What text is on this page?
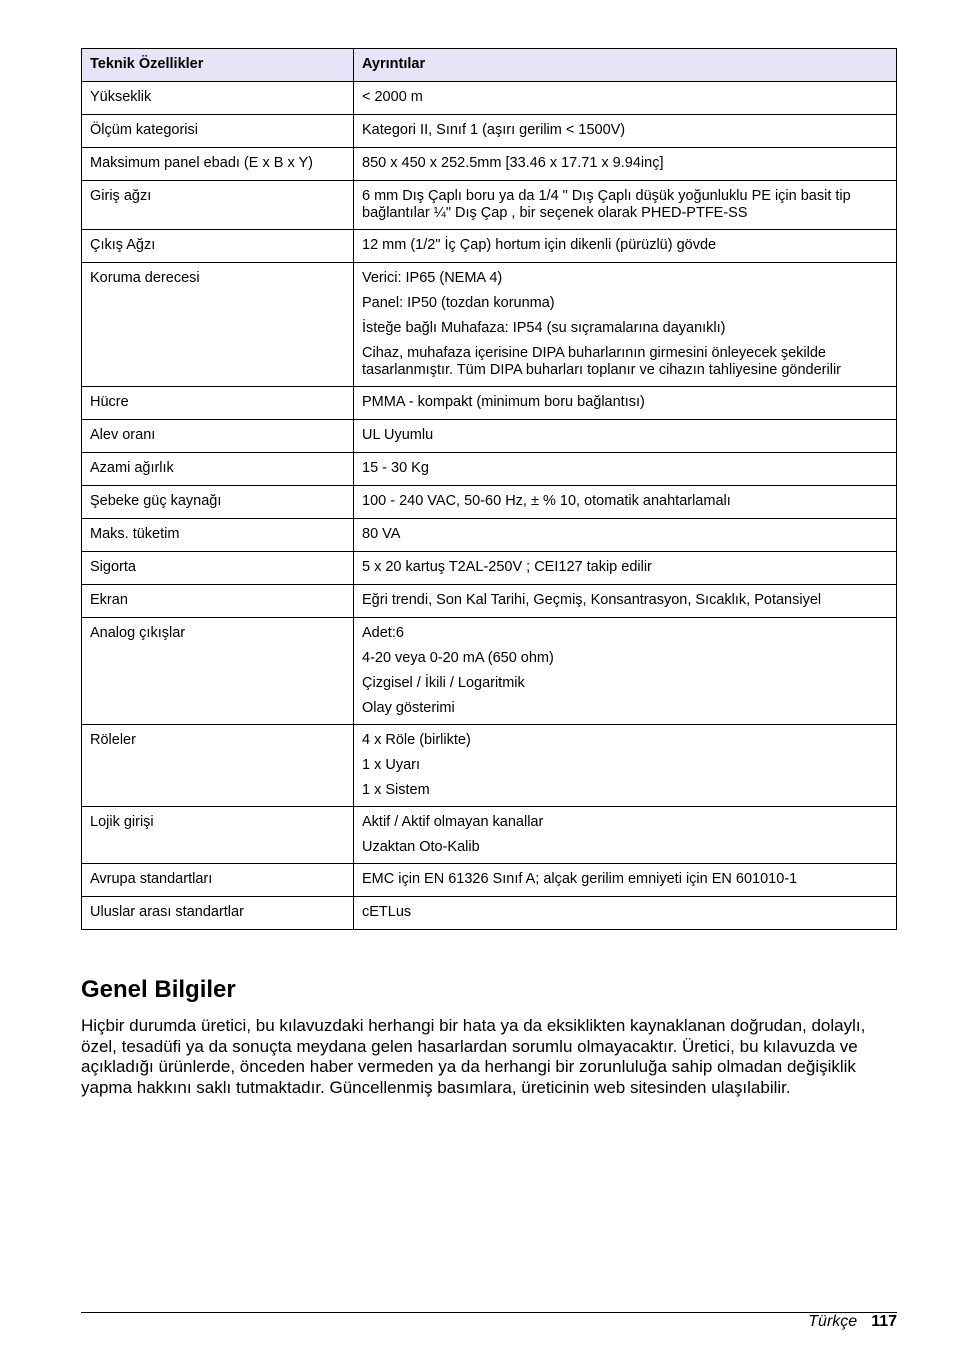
Teknik Özellikler	Ayrıntılar
Yükseklik	< 2000 m

Ölçüm kategorisi	Kategori II, Sınıf 1 (aşırı gerilim < 1500V)

Maksimum panel ebadı (E x B x Y)	850 x 450 x 252.5mm [33.46 x 17.71 x 9.94inç]

Giriş ağzı	6 mm Dış Çaplı boru ya da 1/4 " Dış Çaplı düşük yoğunluklu PE için basit tip bağlantılar ¼" Dış Çap , bir seçenek olarak PHED-PTFE-SS

Çıkış Ağzı	12 mm (1/2" İç Çap) hortum için dikenli (pürüzlü) gövde

Koruma derecesi	Verici: IP65 (NEMA 4)
Panel: IP50 (tozdan korunma)
İsteğe bağlı Muhafaza: IP54 (su sıçramalarına dayanıklı)
Cihaz, muhafaza içerisine DIPA buharlarının girmesini önleyecek şekilde tasarlanmıştır. Tüm DIPA buharları toplanır ve cihazın tahliyesine gönderilir

Hücre	PMMA - kompakt (minimum boru bağlantısı)

Alev oranı	UL Uyumlu

Azami ağırlık	15 - 30 Kg

Şebeke güç kaynağı	100 - 240 VAC, 50-60 Hz, ± % 10, otomatik anahtarlamalı

Maks. tüketim	80 VA

Sigorta	5 x 20 kartuş T2AL-250V ; CEI127 takip edilir

Ekran	Eğri trendi, Son Kal Tarihi, Geçmiş, Konsantrasyon, Sıcaklık, Potansiyel

Analog çıkışlar	Adet:6
4-20 veya 0-20 mA (650 ohm)
Çizgisel / İkili / Logaritmik
Olay gösterimi

Röleler	4 x Röle (birlikte)
1 x Uyarı
1 x Sistem

Lojik girişi	Aktif / Aktif olmayan kanallar
Uzaktan Oto-Kalib

Avrupa standartları	EMC için EN 61326 Sınıf A; alçak gerilim emniyeti için EN 601010-1

Uluslar arası standartlar	cETLus
Genel Bilgiler

Hiçbir durumda üretici, bu kılavuzdaki herhangi bir hata ya da eksiklikten kaynaklanan doğrudan, dolaylı, özel, tesadüfi ya da sonuçta meydana gelen hasarlardan sorumlu olmayacaktır. Üretici, bu kılavuzda ve açıkladığı ürünlerde, önceden haber vermeden ya da herhangi bir zorunluluğa sahip olmadan değişiklik yapma hakkını saklı tutmaktadır. Güncellenmiş basımlara, üreticinin web sitesinden ulaşılabilir.

Türkçe 117
